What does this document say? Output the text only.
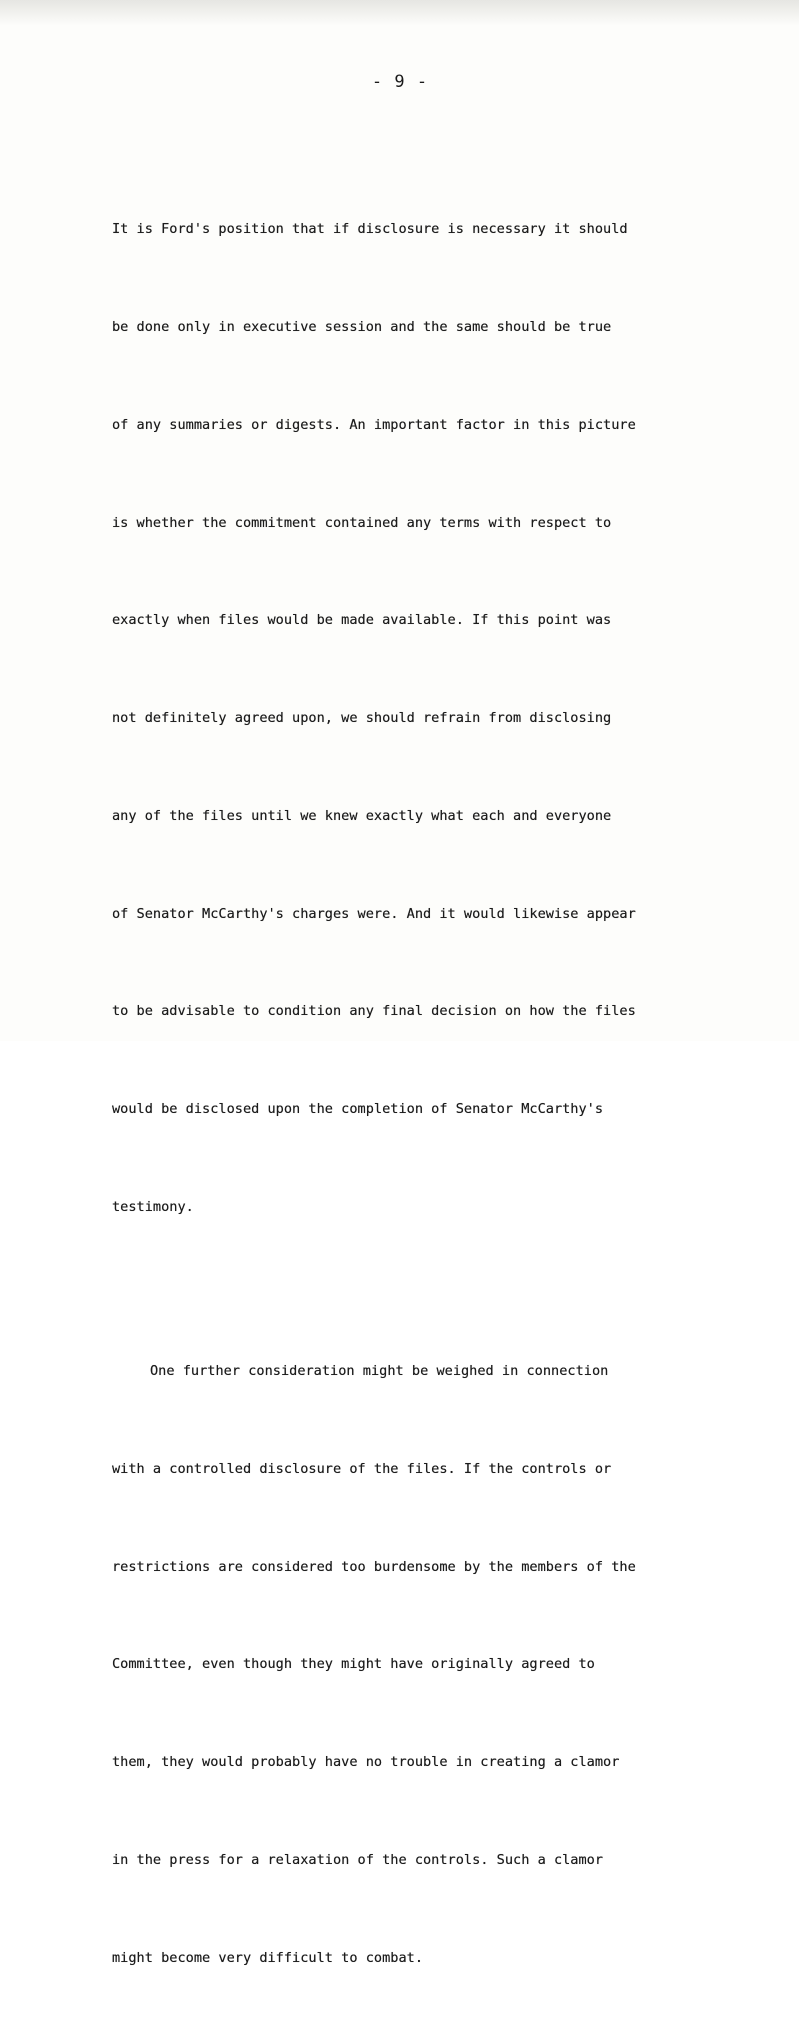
- 9 -

It is Ford's position that if disclosure is necessary it should

be done only in executive session and the same should be true

of any summaries or digests. An important factor in this picture

is whether the commitment contained any terms with respect to

exactly when files would be made available. If this point was

not definitely agreed upon, we should refrain from disclosing

any of the files until we knew exactly what each and everyone

of Senator McCarthy's charges were. And it would likewise appear

to be advisable to condition any final decision on how the files

would be disclosed upon the completion of Senator McCarthy's

testimony.

One further consideration might be weighed in connection

with a controlled disclosure of the files. If the controls or

restrictions are considered too burdensome by the members of the

Committee, even though they might have originally agreed to

them, they would probably have no trouble in creating a clamor

in the press for a relaxation of the controls. Such a clamor

might become very difficult to combat.
